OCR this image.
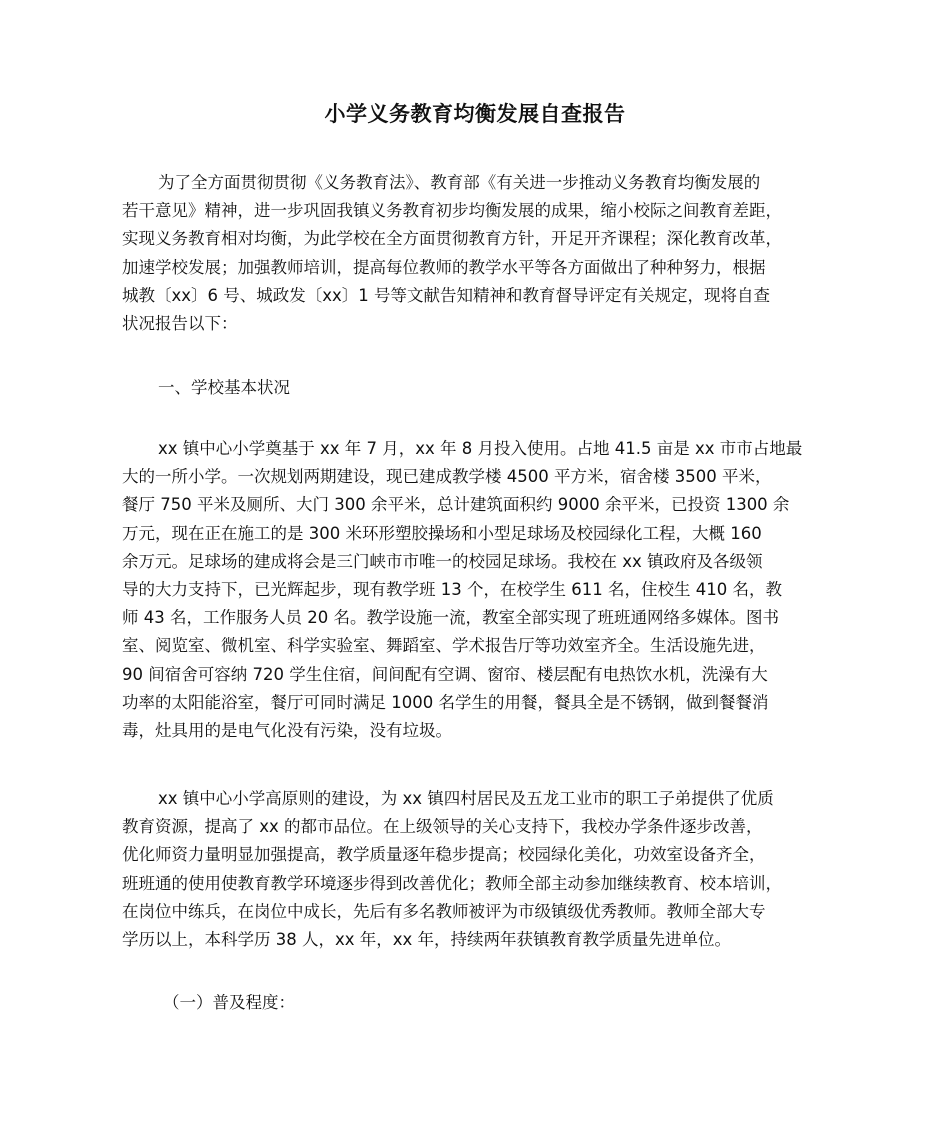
小学义务教育均衡发展自查报告

为了全方面贯彻贯彻《义务教育法》、教育部《有关进一步推动义务教育均衡发展的
若干意见》精神，进一步巩固我镇义务教育初步均衡发展的成果，缩小校际之间教育差距，
实现义务教育相对均衡，为此学校在全方面贯彻教育方针，开足开齐课程；深化教育改革，
加速学校发展；加强教师培训，提高每位教师的教学水平等各方面做出了种种努力，根据
城教〔xx〕6 号、城政发〔xx〕1 号等文献告知精神和教育督导评定有关规定，现将自查
状况报告以下：

一、学校基本状况

xx 镇中心小学奠基于 xx 年 7 月，xx 年 8 月投入使用。占地 41.5 亩是 xx 市市占地最
大的一所小学。一次规划两期建设，现已建成教学楼 4500 平方米，宿舍楼 3500 平米，
餐厅 750 平米及厕所、大门 300 余平米，总计建筑面积约 9000 余平米，已投资 1300 余
万元，现在正在施工的是 300 米环形塑胶操场和小型足球场及校园绿化工程，大概 160
余万元。足球场的建成将会是三门峡市市唯一的校园足球场。我校在 xx 镇政府及各级领
导的大力支持下，已光辉起步，现有教学班 13 个，在校学生 611 名，住校生 410 名，教
师 43 名，工作服务人员 20 名。教学设施一流，教室全部实现了班班通网络多媒体。图书
室、阅览室、微机室、科学实验室、舞蹈室、学术报告厅等功效室齐全。生活设施先进，
90 间宿舍可容纳 720 学生住宿，间间配有空调、窗帘、楼层配有电热饮水机，洗澡有大
功率的太阳能浴室，餐厅可同时满足 1000 名学生的用餐，餐具全是不锈钢，做到餐餐消
毒，灶具用的是电气化没有污染，没有垃圾。

xx 镇中心小学高原则的建设，为 xx 镇四村居民及五龙工业市的职工子弟提供了优质
教育资源，提高了 xx 的都市品位。在上级领导的关心支持下，我校办学条件逐步改善，
优化师资力量明显加强提高，教学质量逐年稳步提高；校园绿化美化，功效室设备齐全，
班班通的使用使教育教学环境逐步得到改善优化；教师全部主动参加继续教育、校本培训，
在岗位中练兵，在岗位中成长，先后有多名教师被评为市级镇级优秀教师。教师全部大专
学历以上，本科学历 38 人，xx 年，xx 年，持续两年获镇教育教学质量先进单位。

（一）普及程度：
